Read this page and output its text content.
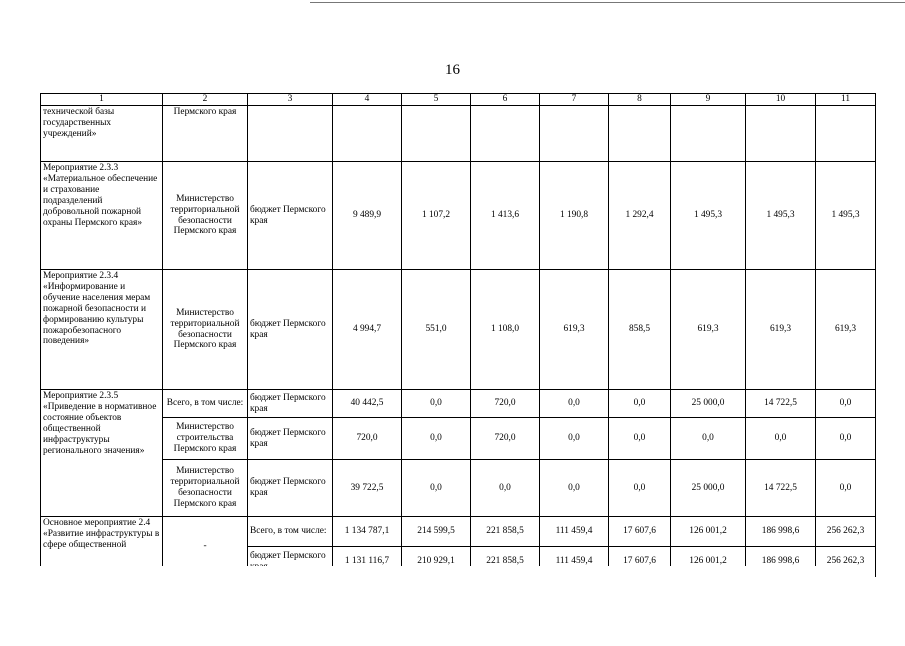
16
1	2	3	4	5	6	7	8	9	10	11
технической базы государственных учреждений»	Пермского края									
Мероприятие 2.3.3 «Материальное обеспечение и страхование подразделений добровольной пожарной охраны Пермского края»	Министерство территориальной безопасности Пермского края	бюджет Пермского края	9 489,9	1 107,2	1 413,6	1 190,8	1 292,4	1 495,3	1 495,3	1 495,3
Мероприятие 2.3.4 «Информирование и обучение населения мерам пожарной безопасности и формированию культуры пожаробезопасного поведения»	Министерство территориальной безопасности Пермского края	бюджет Пермского края	4 994,7	551,0	1 108,0	619,3	858,5	619,3	619,3	619,3
Мероприятие 2.3.5 «Приведение в нормативное состояние объектов общественной инфраструктуры регионального значения»	Всего, в том числе:	бюджет Пермского края	40 442,5	0,0	720,0	0,0	0,0	25 000,0	14 722,5	0,0
	Министерство строительства Пермского края	бюджет Пермского края	720,0	0,0	720,0	0,0	0,0	0,0	0,0	0,0
	Министерство территориальной безопасности Пермского края	бюджет Пермского края	39 722,5	0,0	0,0	0,0	0,0	25 000,0	14 722,5	0,0
Основное мероприятие 2.4 «Развитие инфраструктуры в сфере общественной	-	Всего, в том числе:	1 134 787,1	214 599,5	221 858,5	111 459,4	17 607,6	126 001,2	186 998,6	256 262,3
		бюджет Пермского	1 131 116,7	210 929,1	221 858,5	111 459,4	17 607,6	126 001,2	186 998,6	256 262,3
